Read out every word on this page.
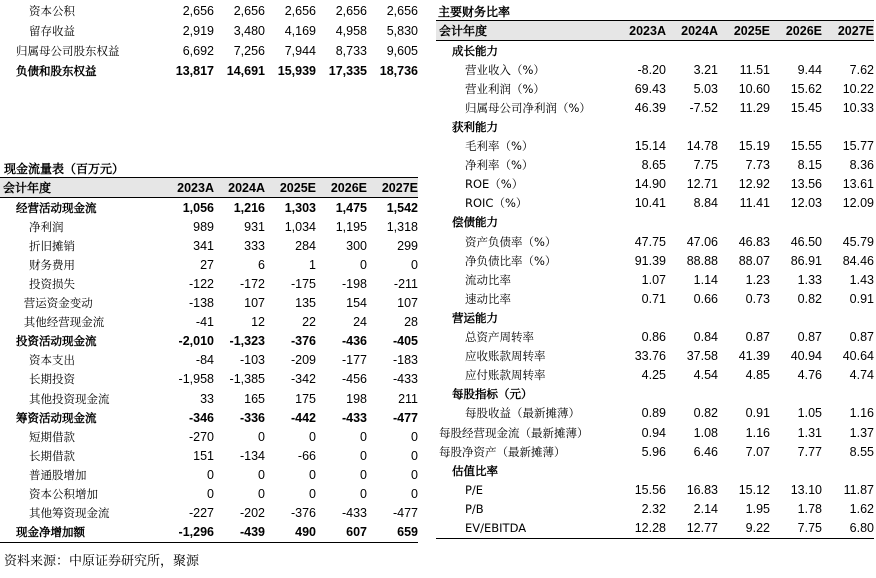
资本公积	2,656	2,656	2,656	2,656	2,656
留存收益	2,919	3,480	4,169	4,958	5,830
归属母公司股东权益	6,692	7,256	7,944	8,733	9,605
负债和股东权益	13,817	14,691	15,939	17,335	18,736
现金流量表（百万元）
会计年度	2023A	2024A	2025E	2026E	2027E
经营活动现金流	1,056	1,216	1,303	1,475	1,542
净利润	989	931	1,034	1,195	1,318
折旧摊销	341	333	284	300	299
财务费用	27	6	1	0	0
投资损失	-122	-172	-175	-198	-211
营运资金变动	-138	107	135	154	107
其他经营现金流	-41	12	22	24	28
投资活动现金流	-2,010	-1,323	-376	-436	-405
资本支出	-84	-103	-209	-177	-183
长期投资	-1,958	-1,385	-342	-456	-433
其他投资现金流	33	165	175	198	211
筹资活动现金流	-346	-336	-442	-433	-477
短期借款	-270	0	0	0	0
长期借款	151	-134	-66	0	0
普通股增加	0	0	0	0	0
资本公积增加	0	0	0	0	0
其他筹资现金流	-227	-202	-376	-433	-477
现金净增加额	-1,296	-439	490	607	659
主要财务比率
会计年度	2023A	2024A	2025E	2026E	2027E
成长能力					
营业收入（%）	-8.20	3.21	11.51	9.44	7.62
营业利润（%）	69.43	5.03	10.60	15.62	10.22
归属母公司净利润（%）	46.39	-7.52	11.29	15.45	10.33
获利能力					
毛利率（%）	15.14	14.78	15.19	15.55	15.77
净利率（%）	8.65	7.75	7.73	8.15	8.36
ROE（%）	14.90	12.71	12.92	13.56	13.61
ROIC（%）	10.41	8.84	11.41	12.03	12.09
偿债能力					
资产负债率（%）	47.75	47.06	46.83	46.50	45.79
净负债比率（%）	91.39	88.88	88.07	86.91	84.46
流动比率	1.07	1.14	1.23	1.33	1.43
速动比率	0.71	0.66	0.73	0.82	0.91
营运能力					
总资产周转率	0.86	0.84	0.87	0.87	0.87
应收账款周转率	33.76	37.58	41.39	40.94	40.64
应付账款周转率	4.25	4.54	4.85	4.76	4.74
每股指标（元）					
每股收益（最新摊薄）	0.89	0.82	0.91	1.05	1.16
每股经营现金流（最新摊薄）	0.94	1.08	1.16	1.31	1.37
每股净资产（最新摊薄）	5.96	6.46	7.07	7.77	8.55
估值比率					
P/E	15.56	16.83	15.12	13.10	11.87
P/B	2.32	2.14	1.95	1.78	1.62
EV/EBITDA	12.28	12.77	9.22	7.75	6.80
资料来源：中原证券研究所，聚源
